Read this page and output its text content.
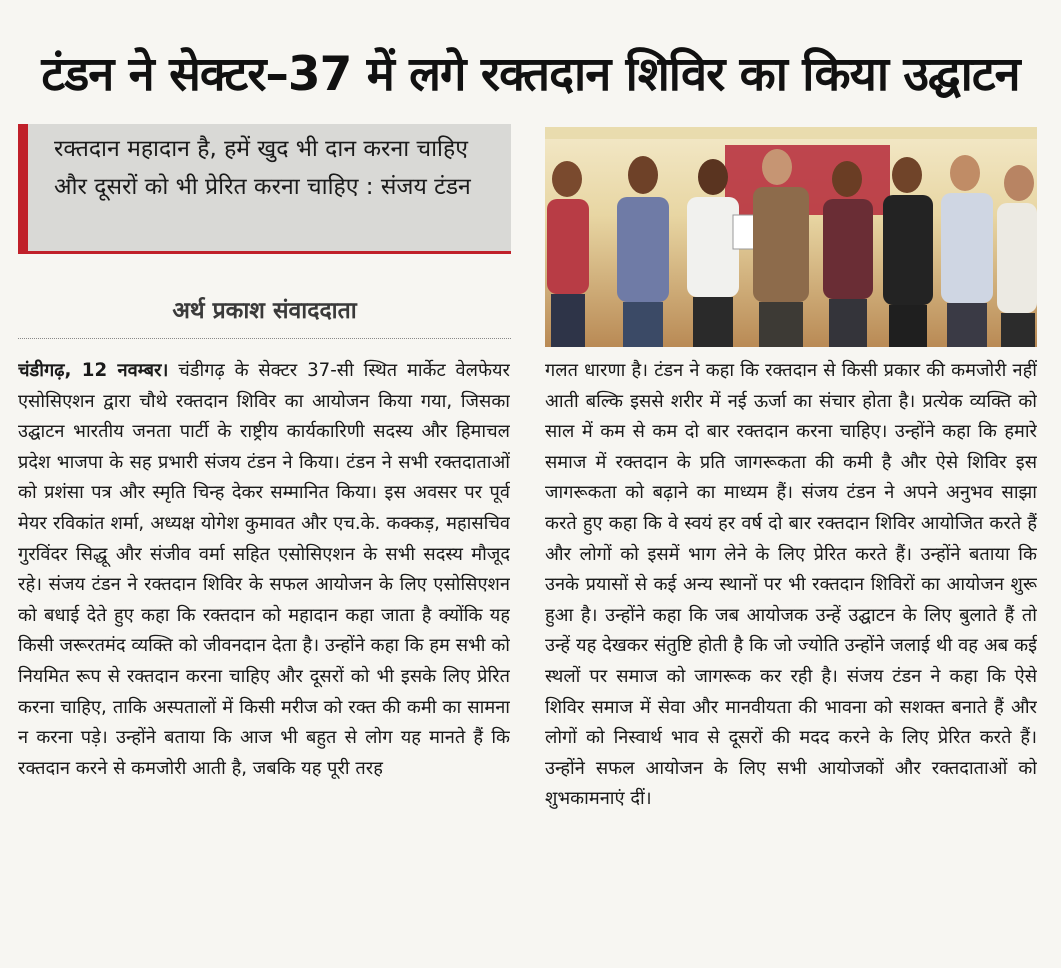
टंडन ने सेक्टर–37 में लगे रक्तदान शिविर का किया उद्घाटन
रक्तदान महादान है, हमें खुद भी दान करना चाहिए और दूसरों को भी प्रेरित करना चाहिए : संजय टंडन
अर्थ प्रकाश संवाददाता
चंडीगढ़, 12 नवम्बर। चंडीगढ़ के सेक्टर 37-सी स्थित मार्केट वेलफेयर एसोसिएशन द्वारा चौथे रक्तदान शिविर का आयोजन किया गया, जिसका उद्घाटन भारतीय जनता पार्टी के राष्ट्रीय कार्यकारिणी सदस्य और हिमाचल प्रदेश भाजपा के सह प्रभारी संजय टंडन ने किया। टंडन ने सभी रक्तदाताओं को प्रशंसा पत्र और स्मृति चिन्ह देकर सम्मानित किया। इस अवसर पर पूर्व मेयर रविकांत शर्मा, अध्यक्ष योगेश कुमावत और एच.के. कक्कड़, महासचिव गुरविंदर सिद्धू और संजीव वर्मा सहित एसोसिएशन के सभी सदस्य मौजूद रहे। संजय टंडन ने रक्तदान शिविर के सफल आयोजन के लिए एसोसिएशन को बधाई देते हुए कहा कि रक्तदान को महादान कहा जाता है क्योंकि यह किसी जरूरतमंद व्यक्ति को जीवनदान देता है। उन्होंने कहा कि हम सभी को नियमित रूप से रक्तदान करना चाहिए और दूसरों को भी इसके लिए प्रेरित करना चाहिए, ताकि अस्पतालों में किसी मरीज को रक्त की कमी का सामना न करना पड़े। उन्होंने बताया कि आज भी बहुत से लोग यह मानते हैं कि रक्तदान करने से कमजोरी आती है, जबकि यह पूरी तरह
गलत धारणा है। टंडन ने कहा कि रक्तदान से किसी प्रकार की कमजोरी नहीं आती बल्कि इससे शरीर में नई ऊर्जा का संचार होता है। प्रत्येक व्यक्ति को साल में कम से कम दो बार रक्तदान करना चाहिए। उन्होंने कहा कि हमारे समाज में रक्तदान के प्रति जागरूकता की कमी है और ऐसे शिविर इस जागरूकता को बढ़ाने का माध्यम हैं। संजय टंडन ने अपने अनुभव साझा करते हुए कहा कि वे स्वयं हर वर्ष दो बार रक्तदान शिविर आयोजित करते हैं और लोगों को इसमें भाग लेने के लिए प्रेरित करते हैं। उन्होंने बताया कि उनके प्रयासों से कई अन्य स्थानों पर भी रक्तदान शिविरों का आयोजन शुरू हुआ है। उन्होंने कहा कि जब आयोजक उन्हें उद्घाटन के लिए बुलाते हैं तो उन्हें यह देखकर संतुष्टि होती है कि जो ज्योति उन्होंने जलाई थी वह अब कई स्थलों पर समाज को जागरूक कर रही है। संजय टंडन ने कहा कि ऐसे शिविर समाज में सेवा और मानवीयता की भावना को सशक्त बनाते हैं और लोगों को निस्वार्थ भाव से दूसरों की मदद करने के लिए प्रेरित करते हैं। उन्होंने सफल आयोजन के लिए सभी आयोजकों और रक्तदाताओं को शुभकामनाएं दीं।
